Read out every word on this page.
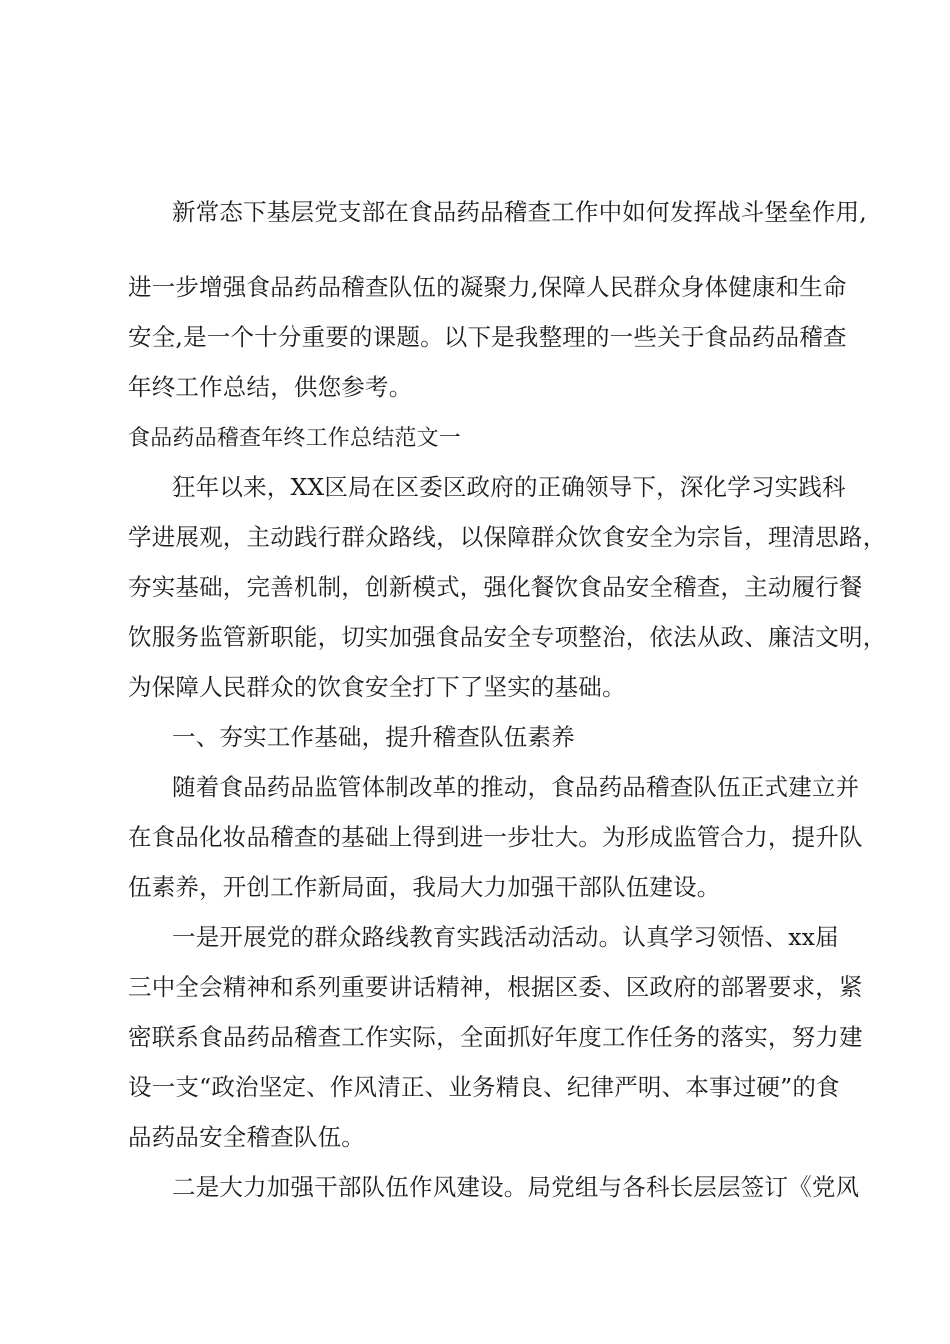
新常态下基层党支部在食品药品稽查工作中如何发挥战斗堡垒作用,
进一步增强食品药品稽查队伍的凝聚力,保障人民群众身体健康和生命
安全,是一个十分重要的课题。以下是我整理的一些关于食品药品稽查
年终工作总结，供您参考。
食品药品稽查年终工作总结范文一
狂年以来，XX区局在区委区政府的正确领导下，深化学习实践科
学进展观，主动践行群众路线，以保障群众饮食安全为宗旨，理清思路，
夯实基础，完善机制，创新模式，强化餐饮食品安全稽查，主动履行餐
饮服务监管新职能，切实加强食品安全专项整治，依法从政、廉洁文明，
为保障人民群众的饮食安全打下了坚实的基础。
一、夯实工作基础，提升稽查队伍素养
随着食品药品监管体制改革的推动，食品药品稽查队伍正式建立并
在食品化妆品稽查的基础上得到进一步壮大。为形成监管合力，提升队
伍素养，开创工作新局面，我局大力加强干部队伍建设。
一是开展党的群众路线教育实践活动活动。认真学习领悟、xx届
三中全会精神和系列重要讲话精神，根据区委、区政府的部署要求，紧
密联系食品药品稽查工作实际，全面抓好年度工作任务的落实，努力建
设一支“政治坚定、作风清正、业务精良、纪律严明、本事过硬”的食
品药品安全稽查队伍。
二是大力加强干部队伍作风建设。局党组与各科长层层签订《党风
